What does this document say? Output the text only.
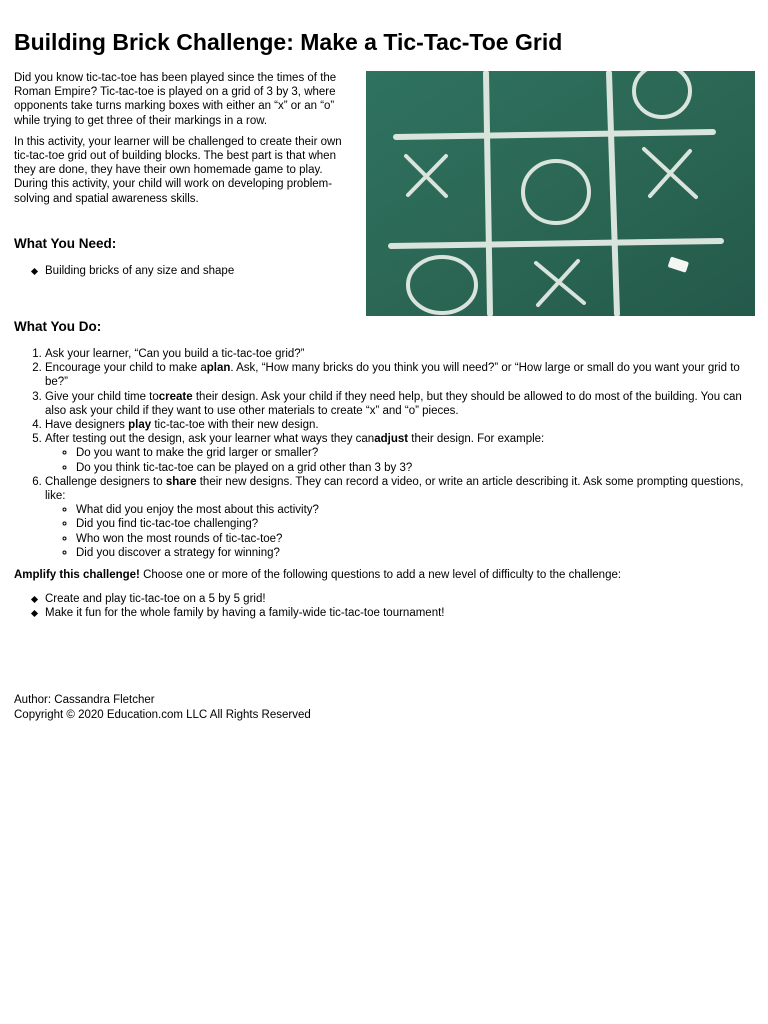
Building Brick Challenge: Make a Tic-Tac-Toe Grid

Did you know tic-tac-toe has been played since the times of the Roman Empire? Tic-tac-toe is played on a grid of 3 by 3, where opponents take turns marking boxes with either an “x” or an “o” while trying to get three of their markings in a row.

In this activity, your learner will be challenged to create their own tic-tac-toe grid out of building blocks. The best part is that when they are done, they have their own homemade game to play. During this activity, your child will work on developing problem-solving and spatial awareness skills.

What You Need:
Building bricks of any size and shape
What You Do:
1. Ask your learner, “Can you build a tic-tac-toe grid?”
2. Encourage your child to make aplan. Ask, “How many bricks do you think you will need?” or “How large or small do you want your grid to be?”
3. Give your child time tocreate their design. Ask your child if they need help, but they should be allowed to do most of the building. You can also ask your child if they want to use other materials to create “x” and “o” pieces.
4. Have designers play tic-tac-toe with their new design.
5. After testing out the design, ask your learner what ways they canadjust their design. For example:
◦ Do you want to make the grid larger or smaller?
◦ Do you think tic-tac-toe can be played on a grid other than 3 by 3?
6. Challenge designers to share their new designs. They can record a video, or write an article describing it. Ask some prompting questions, like:
◦ What did you enjoy the most about this activity?
◦ Did you find tic-tac-toe challenging?
◦ Who won the most rounds of tic-tac-toe?
◦ Did you discover a strategy for winning?
Amplify this challenge! Choose one or more of the following questions to add a new level of difficulty to the challenge:
Create and play tic-tac-toe on a 5 by 5 grid!
Make it fun for the whole family by having a family-wide tic-tac-toe tournament!
Author: Cassandra Fletcher
Copyright © 2020 Education.com LLC All Rights Reserved
